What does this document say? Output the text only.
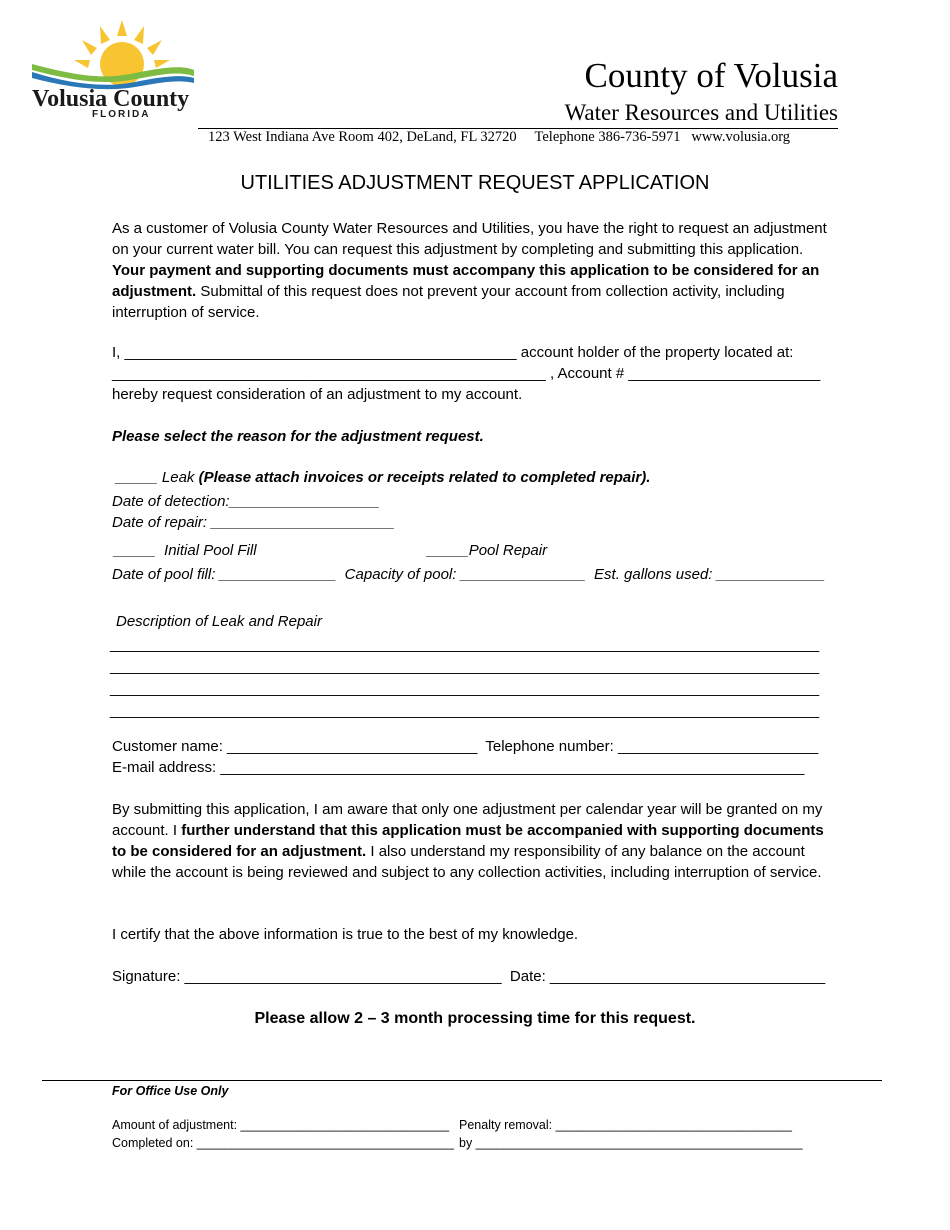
Volusia County
FLORIDA
County of Volusia
Water Resources and Utilities
123 West Indiana Ave Room 402, DeLand, FL 32720     Telephone 386-736-5971   www.volusia.org
UTILITIES ADJUSTMENT REQUEST APPLICATION
As a customer of Volusia County Water Resources and Utilities, you have the right to request an adjustment on your current water bill. You can request this adjustment by completing and submitting this application. Your payment and supporting documents must accompany this application to be considered for an adjustment. Submittal of this request does not prevent your account from collection activity, including interruption of service.
I, _______________________________________________ account holder of the property located at:
____________________________________________________ , Account # _______________________
hereby request consideration of an adjustment to my account.
Please select the reason for the adjustment request.
_____ Leak (Please attach invoices or receipts related to completed repair).
Date of detection:__________________
Date of repair: ______________________
_____  Initial Pool Fill	_____Pool Repair
Date of pool fill: ______________  Capacity of pool: _______________  Est. gallons used: _____________
Description of Leak and Repair
_____________________________________________________________________________________
_____________________________________________________________________________________
_____________________________________________________________________________________
_____________________________________________________________________________________
Customer name: ______________________________  Telephone number: ________________________
E-mail address: ______________________________________________________________________
By submitting this application, I am aware that only one adjustment per calendar year will be granted on my account. I further understand that this application must be accompanied with supporting documents to be considered for an adjustment. I also understand my responsibility of any balance on the account while the account is being reviewed and subject to any collection activities, including interruption of service.
I certify that the above information is true to the best of my knowledge.
Signature: ______________________________________  Date: _________________________________
Please allow 2 – 3 month processing time for this request.
For Office Use Only
Amount of adjustment: ______________________________ Penalty removal: __________________________________
Completed on: _____________________________________ by _______________________________________________
